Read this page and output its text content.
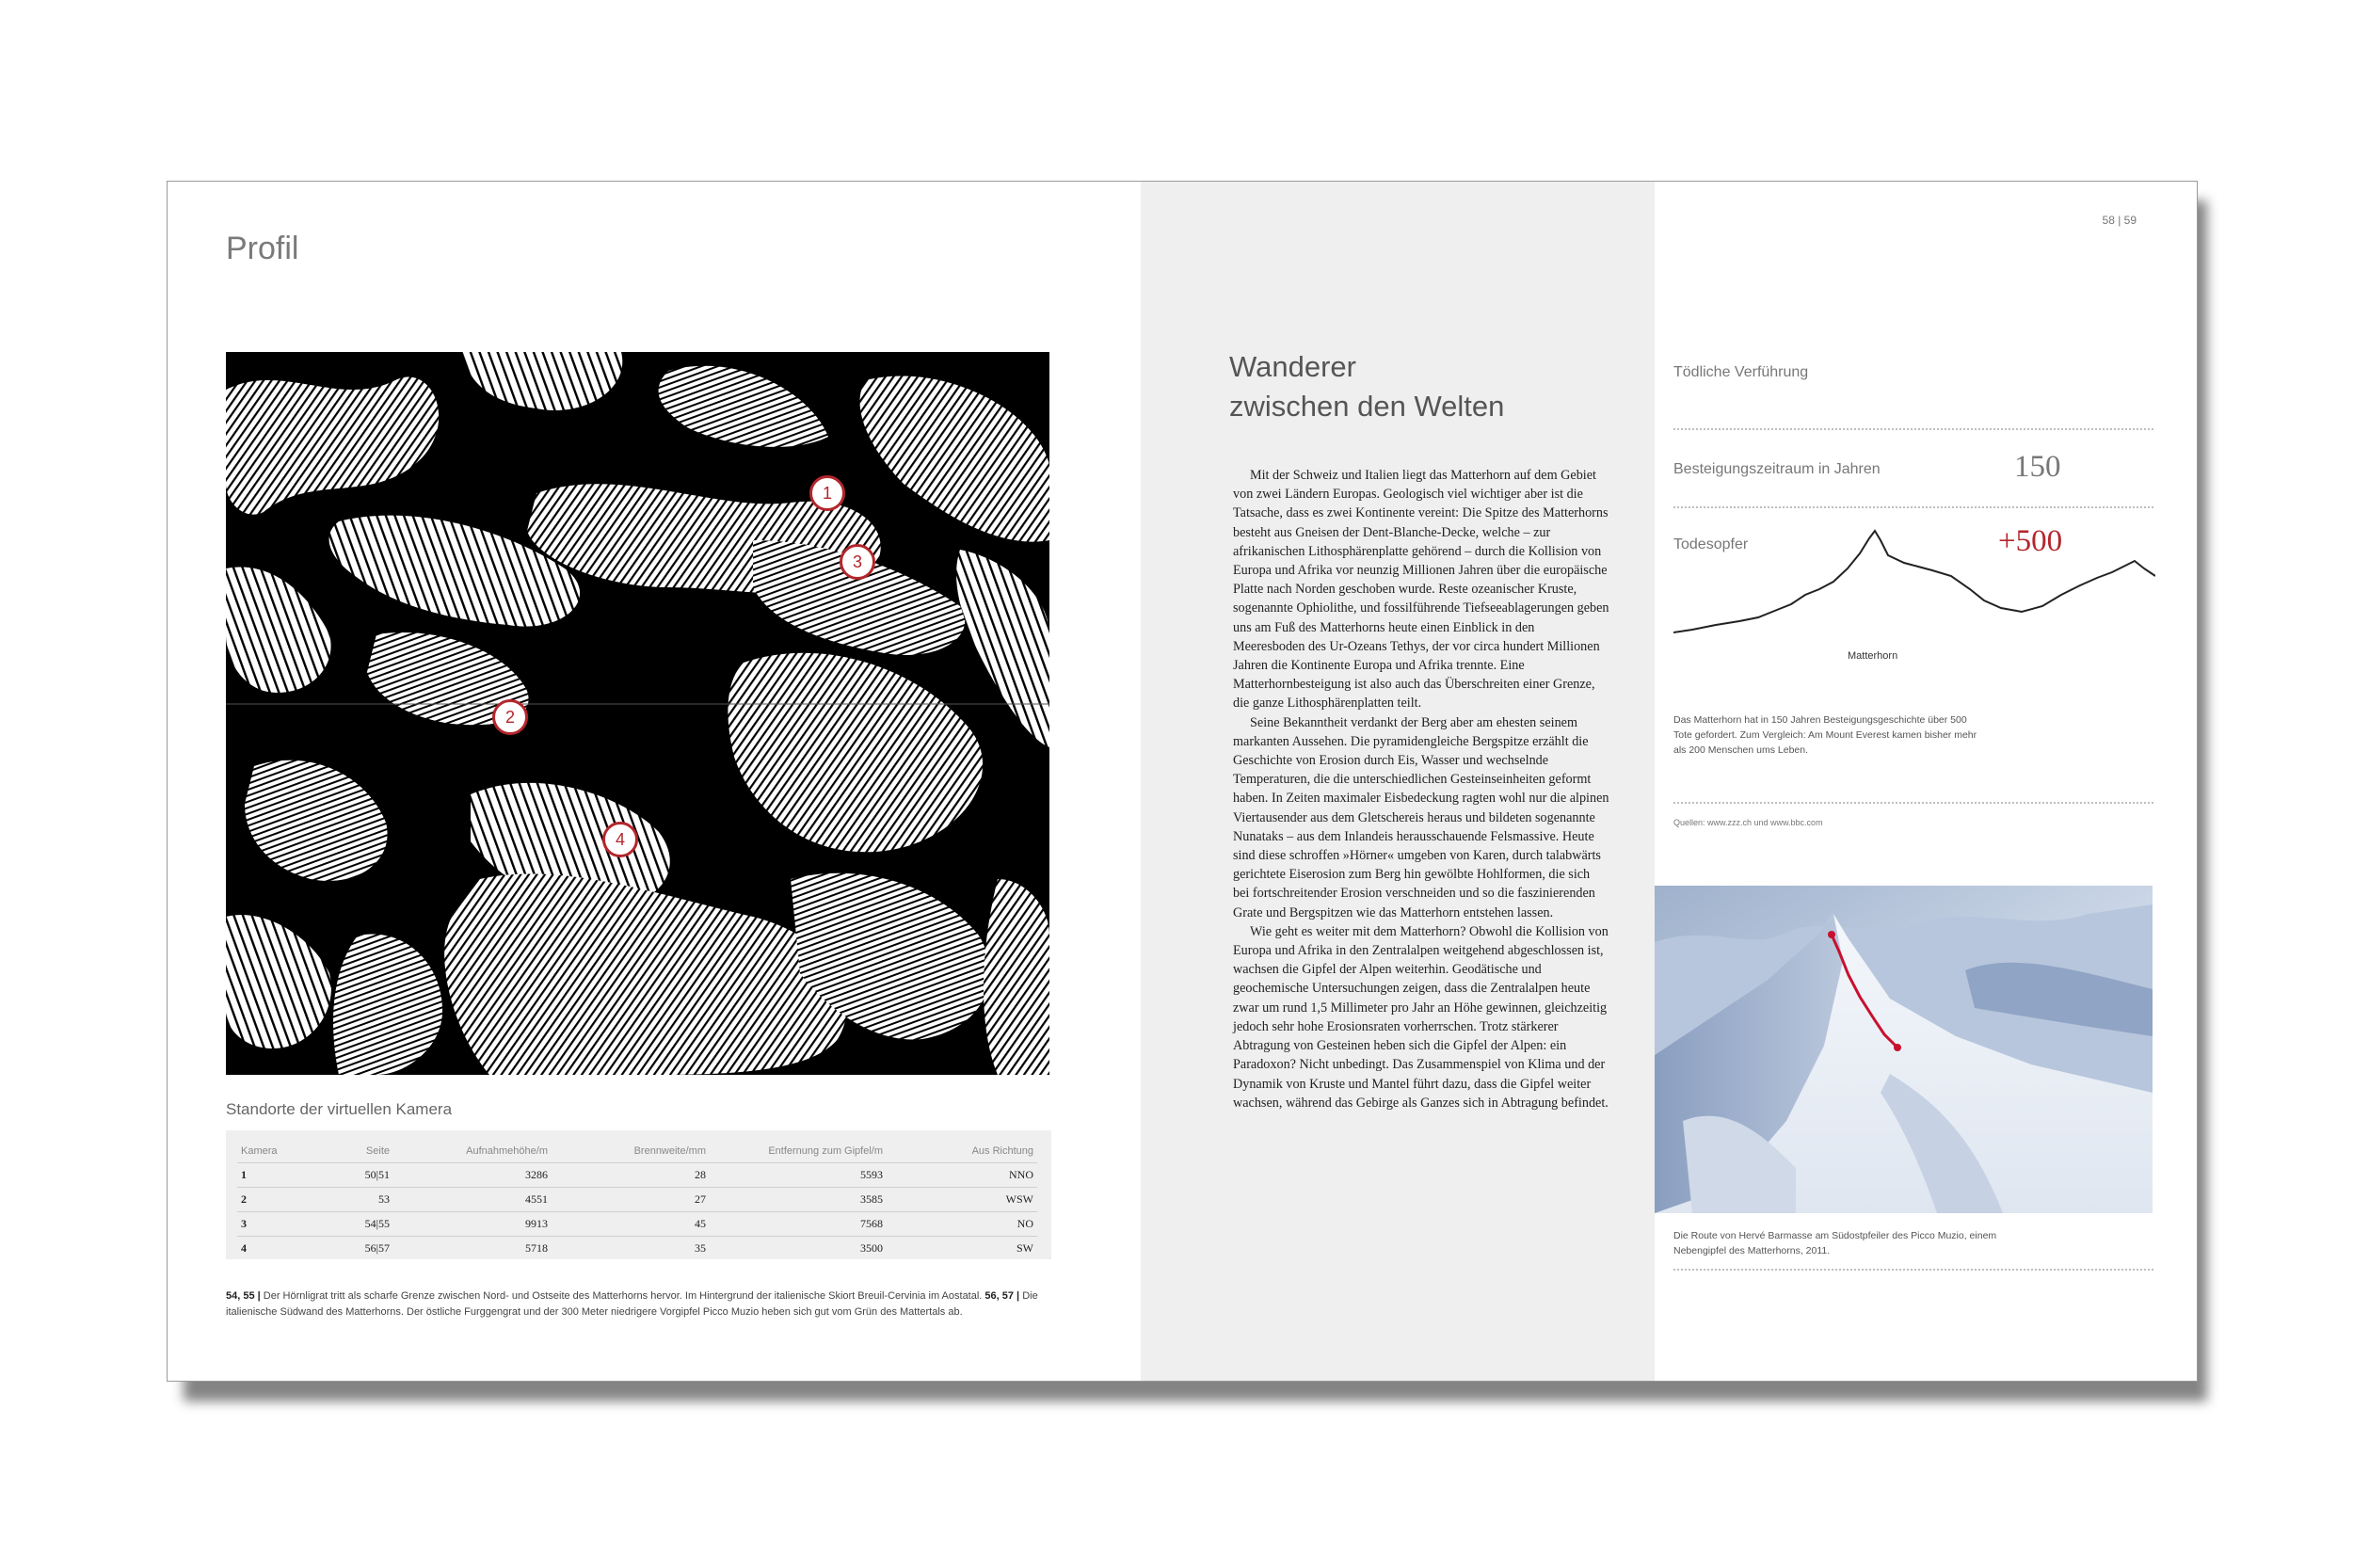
Profil
1
3
2
4
Standorte der virtuellen Kamera
Kamera	Seite	Aufnahmehöhe/m	Brennweite/mm	Entfernung zum Gipfel/m	Aus Richtung
1	50|51	3286	28	5593	NNO
2	53	4551	27	3585	WSW
3	54|55	9913	45	7568	NO
4	56|57	5718	35	3500	SW
54, 55 | Der Hörnligrat tritt als scharfe Grenze zwischen Nord- und Ostseite des Matterhorns hervor. Im Hintergrund der italienische Skiort Breuil-Cervinia im Aostatal. 56, 57 | Die italienische Südwand des Matterhorns. Der östliche Furggengrat und der 300 Meter niedrigere Vorgipfel Picco Muzio heben sich gut vom Grün des Mattertals ab.
Wanderer
zwischen den Welten

Mit der Schweiz und Italien liegt das Matterhorn auf dem Gebiet von zwei Ländern Europas. Geologisch viel wichtiger aber ist die Tatsache, dass es zwei Kontinente vereint: Die Spitze des Matterhorns besteht aus Gneisen der Dent-Blanche-Decke, welche – zur afrikanischen Lithosphärenplatte gehörend – durch die Kollision von Europa und Afrika vor neunzig Millionen Jahren über die europäische Platte nach Norden geschoben wurde. Reste ozeanischer Kruste, sogenannte Ophiolithe, und fossilführende Tiefseeablagerungen geben uns am Fuß des Matterhorns heute einen Einblick in den Meeresboden des Ur-Ozeans Tethys, der vor circa hundert Millionen Jahren die Kontinente Europa und Afrika trennte. Eine Matterhornbesteigung ist also auch das Überschreiten einer Grenze, die ganze Lithosphärenplatten teilt.

Seine Bekanntheit verdankt der Berg aber am ehesten seinem markanten Aussehen. Die pyramidengleiche Bergspitze erzählt die Geschichte von Erosion durch Eis, Wasser und wechselnde Temperaturen, die die unterschiedlichen Gesteinseinheiten geformt haben. In Zeiten maximaler Eisbedeckung ragten wohl nur die alpinen Viertausender aus dem Gletschereis heraus und bildeten sogenannte Nunataks – aus dem Inlandeis herausschauende Felsmassive. Heute sind diese schroffen »Hörner« umgeben von Karen, durch talabwärts gerichtete Eiserosion zum Berg hin gewölbte Hohlformen, die sich bei fortschreitender Erosion verschneiden und so die faszinierenden Grate und Bergspitzen wie das Matterhorn entstehen lassen.

Wie geht es weiter mit dem Matterhorn? Obwohl die Kollision von Europa und Afrika in den Zentralalpen weitgehend abgeschlossen ist, wachsen die Gipfel der Alpen weiterhin. Geodätische und geochemische Untersuchungen zeigen, dass die Zentralalpen heute zwar um rund 1,5 Millimeter pro Jahr an Höhe gewinnen, gleichzeitig jedoch sehr hohe Erosionsraten vorherrschen. Trotz stärkerer Abtragung von Gesteinen heben sich die Gipfel der Alpen: ein Paradoxon? Nicht unbedingt. Das Zusammenspiel von Klima und der Dynamik von Kruste und Mantel führt dazu, dass die Gipfel weiter wachsen, während das Gebirge als Ganzes sich in Abtragung befindet.

58 | 59
Tödliche Verführung
Besteigungszeitraum in Jahren	150
Todesopfer	+500
Matterhorn
Das Matterhorn hat in 150 Jahren Besteigungsgeschichte über 500 Tote gefordert. Zum Vergleich: Am Mount Everest kamen bisher mehr als 200 Menschen ums Leben.
Quellen: www.zzz.ch und www.bbc.com
Die Route von Hervé Barmasse am Südostpfeiler des Picco Muzio, einem Nebengipfel des Matterhorns, 2011.
